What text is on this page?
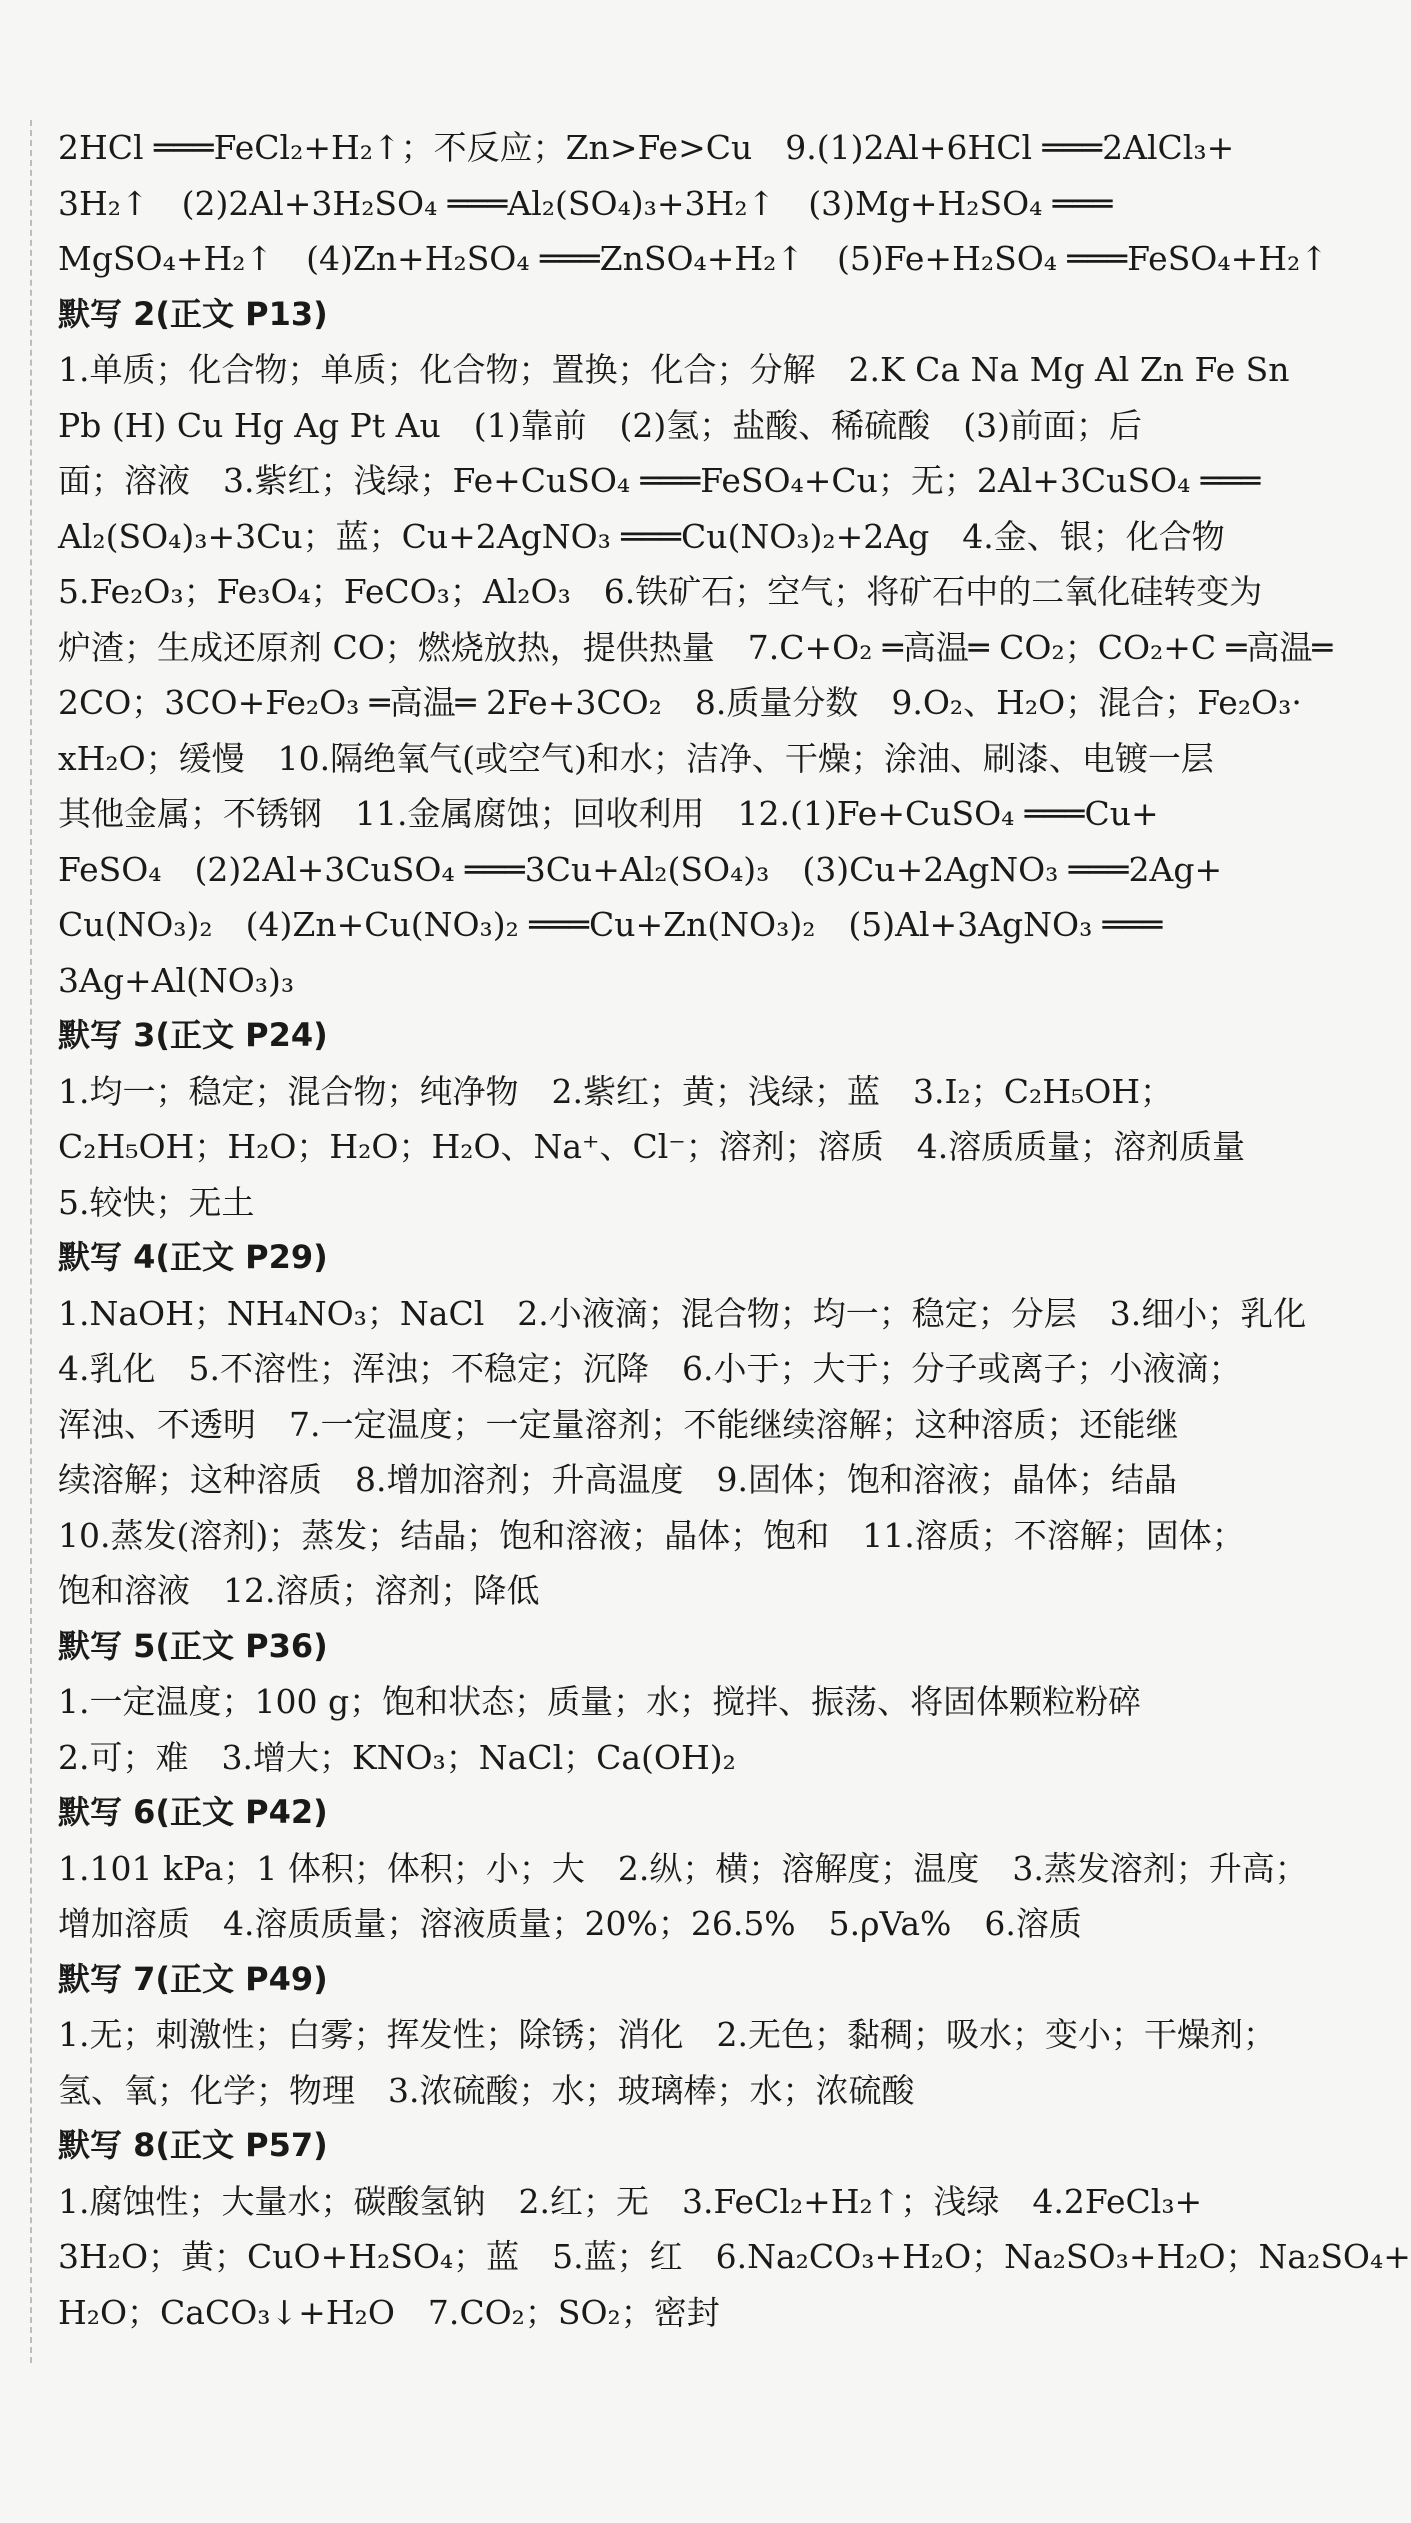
2HCl ═══FeCl₂+H₂↑；不反应；Zn>Fe>Cu　9.(1)2Al+6HCl ═══2AlCl₃+
3H₂↑　(2)2Al+3H₂SO₄ ═══Al₂(SO₄)₃+3H₂↑　(3)Mg+H₂SO₄ ═══
MgSO₄+H₂↑　(4)Zn+H₂SO₄ ═══ZnSO₄+H₂↑　(5)Fe+H₂SO₄ ═══FeSO₄+H₂↑
默写 2(正文 P13)
1.单质；化合物；单质；化合物；置换；化合；分解　2.K Ca Na Mg Al Zn Fe Sn
Pb (H) Cu Hg Ag Pt Au　(1)靠前　(2)氢；盐酸、稀硫酸　(3)前面；后
面；溶液　3.紫红；浅绿；Fe+CuSO₄ ═══FeSO₄+Cu；无；2Al+3CuSO₄ ═══
Al₂(SO₄)₃+3Cu；蓝；Cu+2AgNO₃ ═══Cu(NO₃)₂+2Ag　4.金、银；化合物
5.Fe₂O₃；Fe₃O₄；FeCO₃；Al₂O₃　6.铁矿石；空气；将矿石中的二氧化硅转变为
炉渣；生成还原剂 CO；燃烧放热，提供热量　7.C+O₂ ═高温═ CO₂；CO₂+C ═高温═
2CO；3CO+Fe₂O₃ ═高温═ 2Fe+3CO₂　8.质量分数　9.O₂、H₂O；混合；Fe₂O₃·
xH₂O；缓慢　10.隔绝氧气(或空气)和水；洁净、干燥；涂油、刷漆、电镀一层
其他金属；不锈钢　11.金属腐蚀；回收利用　12.(1)Fe+CuSO₄ ═══Cu+
FeSO₄　(2)2Al+3CuSO₄ ═══3Cu+Al₂(SO₄)₃　(3)Cu+2AgNO₃ ═══2Ag+
Cu(NO₃)₂　(4)Zn+Cu(NO₃)₂ ═══Cu+Zn(NO₃)₂　(5)Al+3AgNO₃ ═══
3Ag+Al(NO₃)₃
默写 3(正文 P24)
1.均一；稳定；混合物；纯净物　2.紫红；黄；浅绿；蓝　3.I₂；C₂H₅OH；
C₂H₅OH；H₂O；H₂O；H₂O、Na⁺、Cl⁻；溶剂；溶质　4.溶质质量；溶剂质量
5.较快；无土
默写 4(正文 P29)
1.NaOH；NH₄NO₃；NaCl　2.小液滴；混合物；均一；稳定；分层　3.细小；乳化
4.乳化　5.不溶性；浑浊；不稳定；沉降　6.小于；大于；分子或离子；小液滴；
浑浊、不透明　7.一定温度；一定量溶剂；不能继续溶解；这种溶质；还能继
续溶解；这种溶质　8.增加溶剂；升高温度　9.固体；饱和溶液；晶体；结晶
10.蒸发(溶剂)；蒸发；结晶；饱和溶液；晶体；饱和　11.溶质；不溶解；固体；
饱和溶液　12.溶质；溶剂；降低
默写 5(正文 P36)
1.一定温度；100 g；饱和状态；质量；水；搅拌、振荡、将固体颗粒粉碎
2.可；难　3.增大；KNO₃；NaCl；Ca(OH)₂
默写 6(正文 P42)
1.101 kPa；1 体积；体积；小；大　2.纵；横；溶解度；温度　3.蒸发溶剂；升高；
增加溶质　4.溶质质量；溶液质量；20%；26.5%　5.ρVa%　6.溶质
默写 7(正文 P49)
1.无；刺激性；白雾；挥发性；除锈；消化　2.无色；黏稠；吸水；变小；干燥剂；
氢、氧；化学；物理　3.浓硫酸；水；玻璃棒；水；浓硫酸
默写 8(正文 P57)
1.腐蚀性；大量水；碳酸氢钠　2.红；无　3.FeCl₂+H₂↑；浅绿　4.2FeCl₃+
3H₂O；黄；CuO+H₂SO₄；蓝　5.蓝；红　6.Na₂CO₃+H₂O；Na₂SO₃+H₂O；Na₂SO₄+
H₂O；CaCO₃↓+H₂O　7.CO₂；SO₂；密封
